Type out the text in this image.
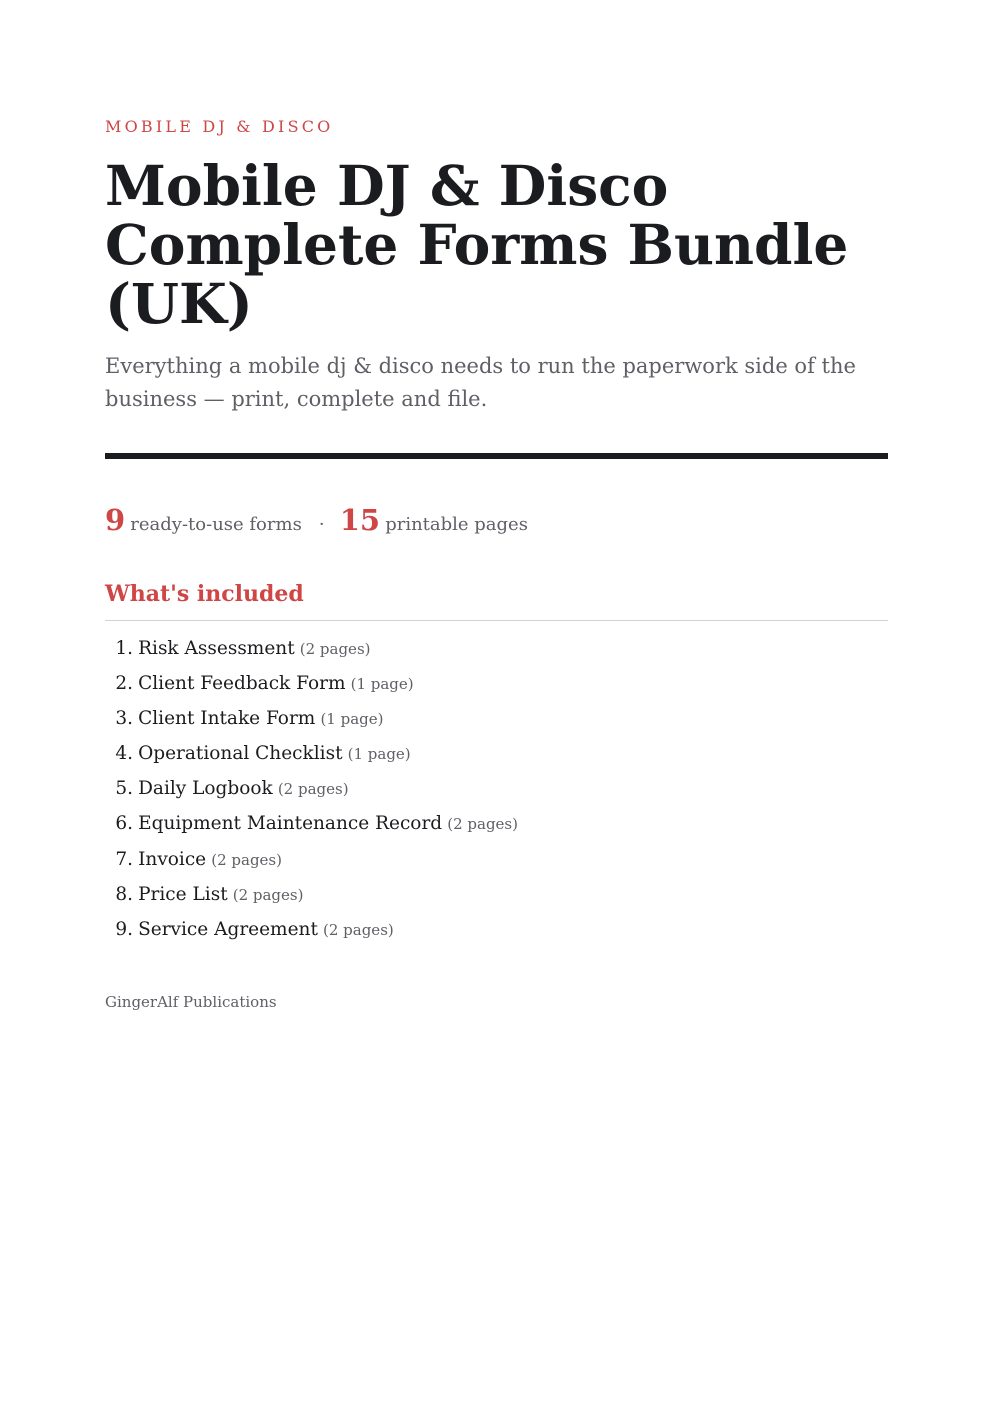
MOBILE DJ & DISCO
Mobile DJ & Disco Complete Forms Bundle (UK)

Everything a mobile dj & disco needs to run the paperwork side of the business — print, complete and file.

9 ready-to-use forms · 15 printable pages
What's included
1. Risk Assessment (2 pages)
2. Client Feedback Form (1 page)
3. Client Intake Form (1 page)
4. Operational Checklist (1 page)
5. Daily Logbook (2 pages)
6. Equipment Maintenance Record (2 pages)
7. Invoice (2 pages)
8. Price List (2 pages)
9. Service Agreement (2 pages)
GingerAlf Publications
